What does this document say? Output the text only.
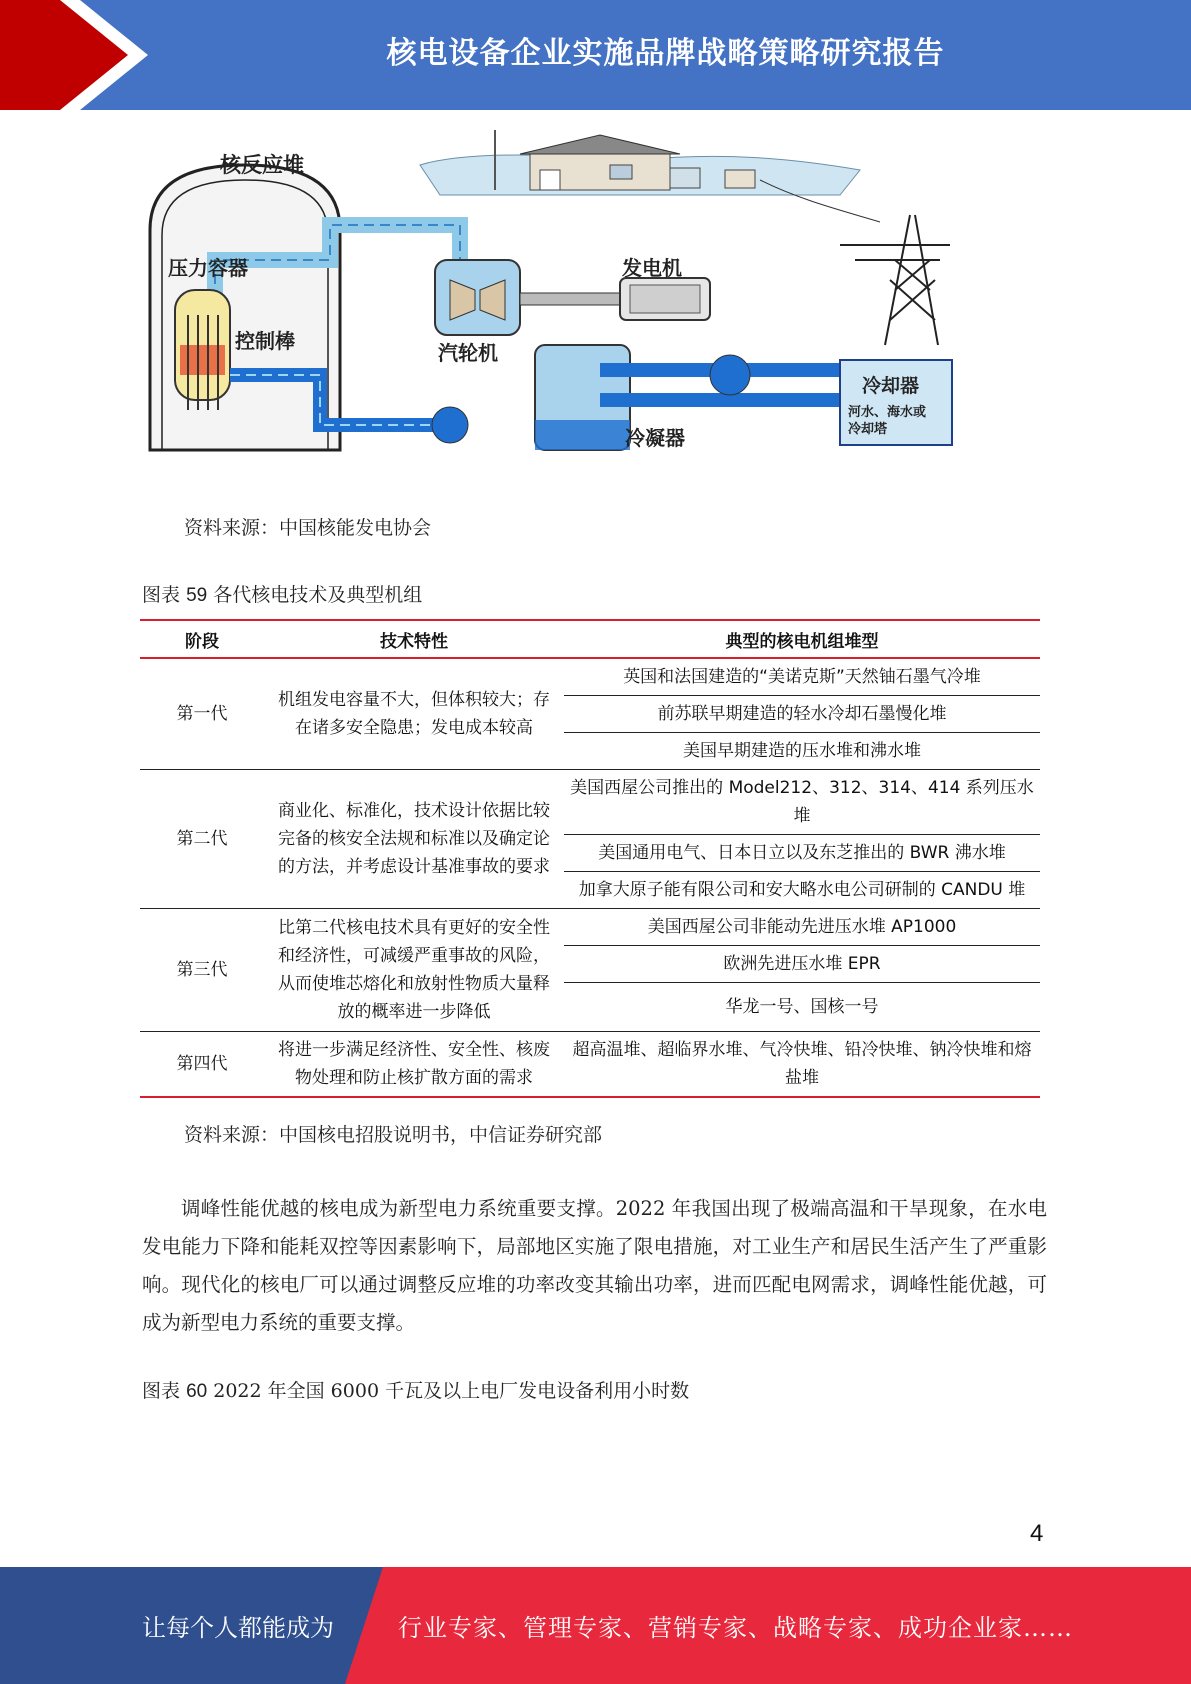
核电设备企业实施品牌战略策略研究报告
核反应堆
压力容器
控制棒	汽轮机
发电机
冷凝器
冷却器
河水、海水或
冷却塔
资料来源：中国核能发电协会
图表 59 各代核电技术及典型机组
阶段	技术特性	典型的核电机组堆型
第一代	机组发电容量不大，但体积较大；存在诸多安全隐患；发电成本较高	英国和法国建造的“美诺克斯”天然铀石墨气冷堆
		前苏联早期建造的轻水冷却石墨慢化堆
		美国早期建造的压水堆和沸水堆
第二代	商业化、标准化，技术设计依据比较完备的核安全法规和标准以及确定论的方法，并考虑设计基准事故的要求	美国西屋公司推出的 Model212、312、314、414 系列压水堆
		美国通用电气、日本日立以及东芝推出的 BWR 沸水堆
		加拿大原子能有限公司和安大略水电公司研制的 CANDU 堆
第三代	比第二代核电技术具有更好的安全性和经济性，可减缓严重事故的风险，从而使堆芯熔化和放射性物质大量释放的概率进一步降低	美国西屋公司非能动先进压水堆 AP1000
		欧洲先进压水堆 EPR
		华龙一号、国核一号
第四代	将进一步满足经济性、安全性、核废物处理和防止核扩散方面的需求	超高温堆、超临界水堆、气冷快堆、铅冷快堆、钠冷快堆和熔盐堆
资料来源：中国核电招股说明书，中信证券研究部
调峰性能优越的核电成为新型电力系统重要支撑。2022 年我国出现了极端高温和干旱现象，在水电发电能力下降和能耗双控等因素影响下，局部地区实施了限电措施，对工业生产和居民生活产生了严重影响。现代化的核电厂可以通过调整反应堆的功率改变其输出功率，进而匹配电网需求，调峰性能优越，可成为新型电力系统的重要支撑。
图表 60 2022 年全国 6000 千瓦及以上电厂发电设备利用小时数
4
让每个人都能成为	行业专家、管理专家、营销专家、战略专家、成功企业家……
